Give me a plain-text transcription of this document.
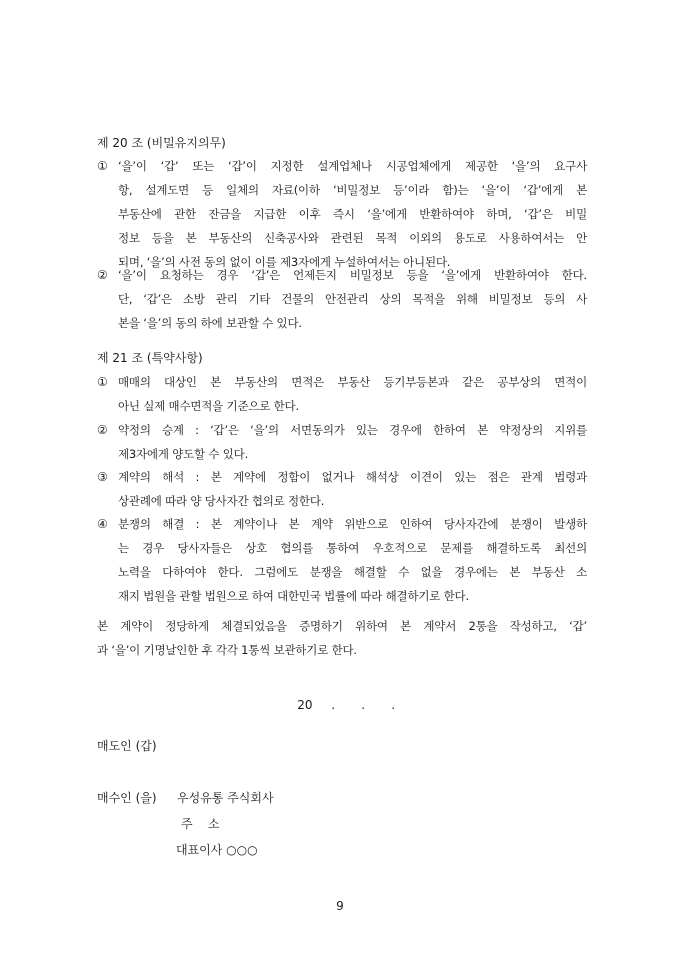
제 20 조 (비밀유지의무)
① ‘을’이 ‘갑’ 또는 ‘갑’이 지정한 설계업체나 시공업체에게 제공한 ‘을’의 요구사
항, 설계도면 등 일체의 자료(이하 ‘비밀정보 등’이라 함)는 ‘을’이 ‘갑’에게 본
부동산에 관한 잔금을 지급한 이후 즉시 ‘을’에게 반환하여야 하며, ‘갑’은 비밀
정보 등을 본 부동산의 신축공사와 관련된 목적 이외의 용도로 사용하여서는 안
되며, ‘을’의 사전 동의 없이 이를 제3자에게 누설하여서는 아니된다.
② ‘을’이 요청하는 경우 ‘갑’은 언제든지 비밀정보 등을 ‘을’에게 반환하여야 한다.
단, ‘갑’은 소방 관리 기타 건물의 안전관리 상의 목적을 위해 비밀정보 등의 사
본을 ‘을’의 동의 하에 보관할 수 있다.
제 21 조 (특약사항)
① 매매의 대상인 본 부동산의 면적은 부동산 등기부등본과 같은 공부상의 면적이
아닌 실제 매수면적을 기준으로 한다.
② 약정의 승계 : ‘갑’은 ‘을’의 서면동의가 있는 경우에 한하여 본 약정상의 지위를
제3자에게 양도할 수 있다.
③ 계약의 해석 : 본 계약에 정함이 없거나 해석상 이견이 있는 점은 관계 법령과
상관례에 따라 양 당사자간 협의로 정한다.
④ 분쟁의 해결 : 본 계약이나 본 계약 위반으로 인하여 당사자간에 분쟁이 발생하
는 경우 당사자들은 상호 협의를 통하여 우호적으로 문제를 해결하도록 최선의
노력을 다하여야 한다. 그럼에도 분쟁을 해결할 수 없을 경우에는 본 부동산 소
재지 법원을 관할 법원으로 하여 대한민국 법률에 따라 해결하기로 한다.
본 계약이 정당하게 체결되었음을 증명하기 위하여 본 계약서 2통을 작성하고, ‘갑’
과 ‘을’이 기명날인한 후 각각 1통씩 보관하기로 한다.

20 . . .

매도인 (갑)
매수인 (을) 우성유통 주식회사
주    소
대표이사 ○○○
9
